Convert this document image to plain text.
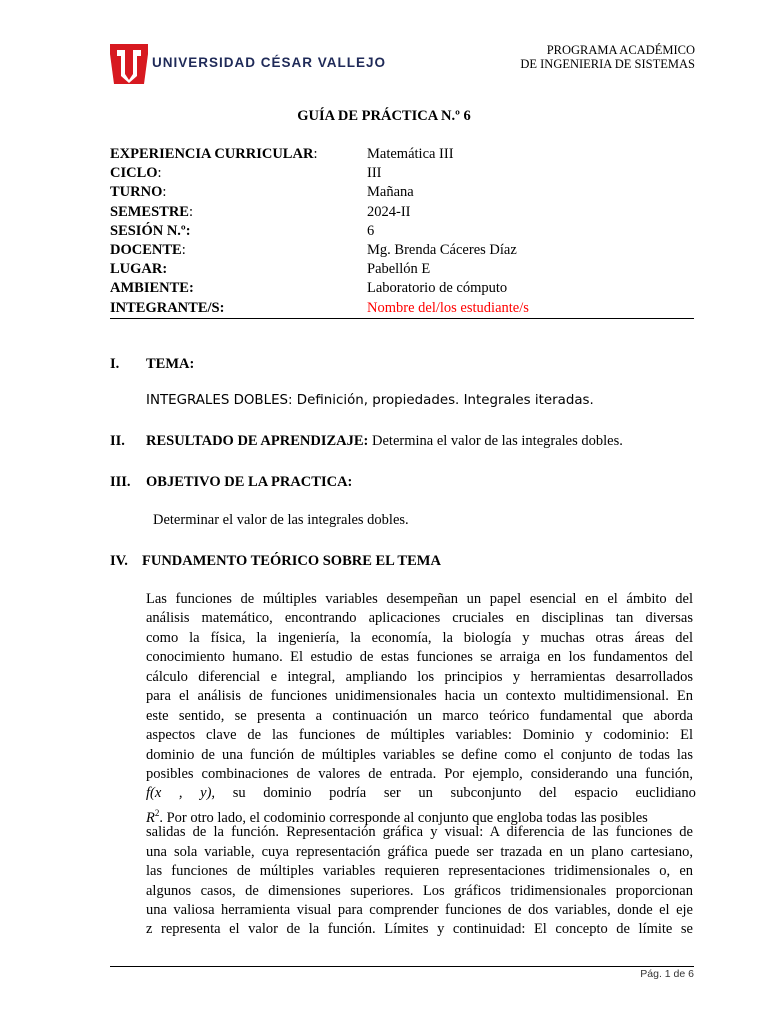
UNIVERSIDAD CÉSAR VALLEJO
PROGRAMA ACADÉMICO
DE INGENIERIA DE SISTEMAS
GUÍA DE PRÁCTICA N.º 6
EXPERIENCIA CURRICULAR:	Matemática III
CICLO:	III
TURNO:	Mañana
SEMESTRE:	2024-II
SESIÓN N.º:	6
DOCENTE:	Mg. Brenda Cáceres Díaz
LUGAR:	Pabellón E
AMBIENTE:	Laboratorio de cómputo
INTEGRANTE/S:	Nombre del/los estudiante/s
I. TEMA:
INTEGRALES DOBLES: Definición, propiedades. Integrales iteradas.
II. RESULTADO DE APRENDIZAJE: Determina el valor de las integrales dobles.
III. OBJETIVO DE LA PRACTICA:
Determinar el valor de las integrales dobles.
IV. FUNDAMENTO TEÓRICO SOBRE EL TEMA
Las funciones de múltiples variables desempeñan un papel esencial en el ámbito del
análisis matemático, encontrando aplicaciones cruciales en disciplinas tan diversas
como la física, la ingeniería, la economía, la biología y muchas otras áreas del
conocimiento humano. El estudio de estas funciones se arraiga en los fundamentos del
cálculo diferencial e integral, ampliando los principios y herramientas desarrollados
para el análisis de funciones unidimensionales hacia un contexto multidimensional. En
este sentido, se presenta a continuación un marco teórico fundamental que aborda
aspectos clave de las funciones de múltiples variables: Dominio y codominio: El
dominio de una función de múltiples variables se define como el conjunto de todas las
posibles combinaciones de valores de entrada. Por ejemplo, considerando una función,
f(x , y), su dominio podría ser un subconjunto del espacio euclidiano
$R^2$. Por otro lado, el codominio corresponde al conjunto que engloba todas las posibles
salidas de la función. Representación gráfica y visual: A diferencia de las funciones de
una sola variable, cuya representación gráfica puede ser trazada en un plano cartesiano,
las funciones de múltiples variables requieren representaciones tridimensionales o, en
algunos casos, de dimensiones superiores. Los gráficos tridimensionales proporcionan
una valiosa herramienta visual para comprender funciones de dos variables, donde el eje
z representa el valor de la función. Límites y continuidad: El concepto de límite se
Pág. 1 de 6
